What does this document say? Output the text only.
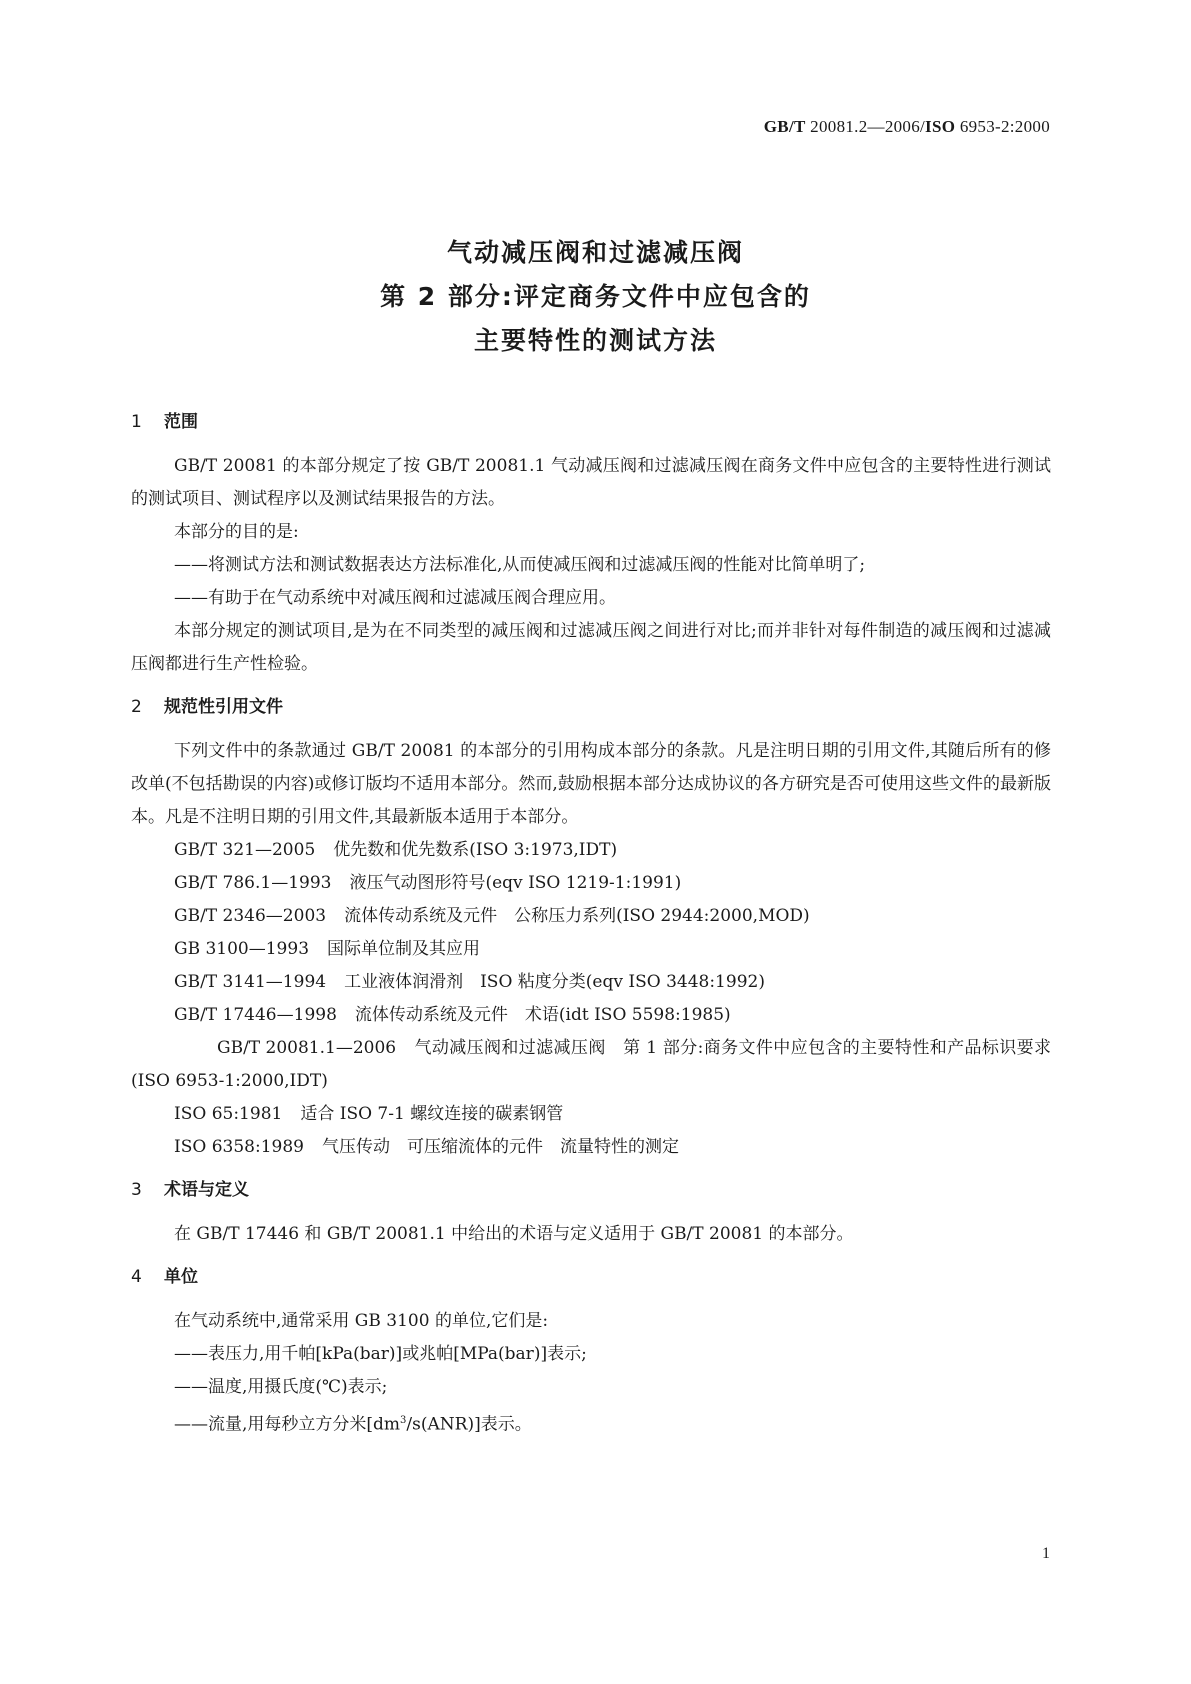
GB/T 20081.2—2006/ISO 6953-2:2000
气动减压阀和过滤减压阀
第 2 部分:评定商务文件中应包含的
主要特性的测试方法
1 范围
GB/T 20081 的本部分规定了按 GB/T 20081.1 气动减压阀和过滤减压阀在商务文件中应包含的主要特性进行测试的测试项目、测试程序以及测试结果报告的方法。
本部分的目的是:
——将测试方法和测试数据表达方法标准化,从而使减压阀和过滤减压阀的性能对比简单明了;
——有助于在气动系统中对减压阀和过滤减压阀合理应用。
本部分规定的测试项目,是为在不同类型的减压阀和过滤减压阀之间进行对比;而并非针对每件制造的减压阀和过滤减压阀都进行生产性检验。
2 规范性引用文件
下列文件中的条款通过 GB/T 20081 的本部分的引用构成本部分的条款。凡是注明日期的引用文件,其随后所有的修改单(不包括勘误的内容)或修订版均不适用本部分。然而,鼓励根据本部分达成协议的各方研究是否可使用这些文件的最新版本。凡是不注明日期的引用文件,其最新版本适用于本部分。
GB/T 321—2005 优先数和优先数系(ISO 3:1973,IDT)
GB/T 786.1—1993 液压气动图形符号(eqv ISO 1219-1:1991)
GB/T 2346—2003 流体传动系统及元件　公称压力系列(ISO 2944:2000,MOD)
GB 3100—1993 国际单位制及其应用
GB/T 3141—1994 工业液体润滑剂　ISO 粘度分类(eqv ISO 3448:1992)
GB/T 17446—1998 流体传动系统及元件　术语(idt ISO 5598:1985)
GB/T 20081.1—2006 气动减压阀和过滤减压阀　第 1 部分:商务文件中应包含的主要特性和产品标识要求(ISO 6953-1:2000,IDT)
ISO 65:1981 适合 ISO 7-1 螺纹连接的碳素钢管
ISO 6358:1989 气压传动　可压缩流体的元件　流量特性的测定
3 术语与定义
在 GB/T 17446 和 GB/T 20081.1 中给出的术语与定义适用于 GB/T 20081 的本部分。
4 单位
在气动系统中,通常采用 GB 3100 的单位,它们是:
——表压力,用千帕[kPa(bar)]或兆帕[MPa(bar)]表示;
——温度,用摄氏度(℃)表示;
——流量,用每秒立方分米$[dm^3/s(ANR)]$表示。
1
